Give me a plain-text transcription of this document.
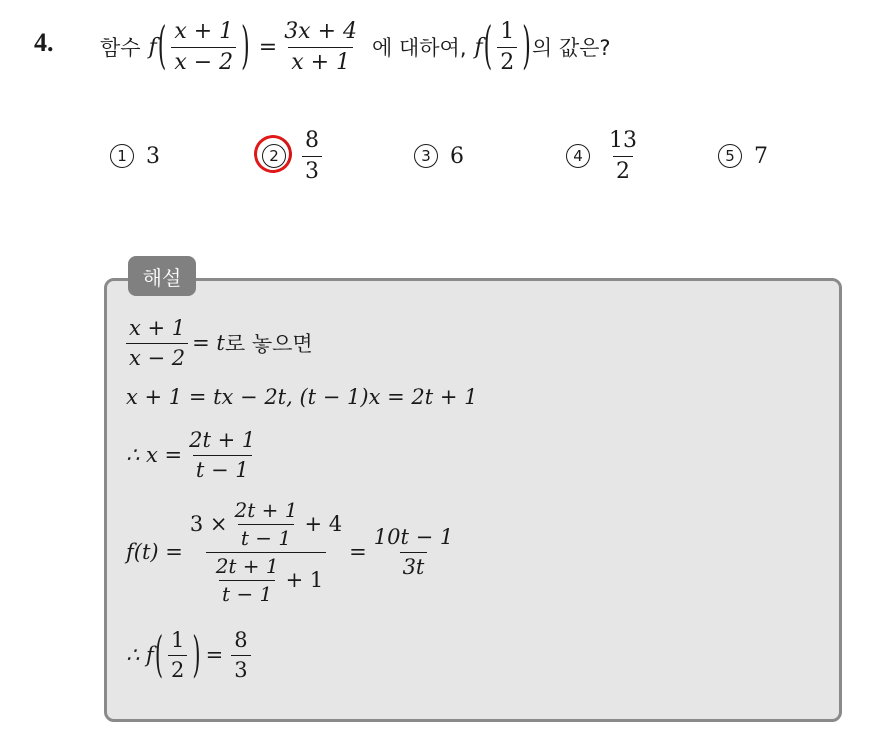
4. 함수 f ( $\frac{x + 1}{x - 2}$ ) = $\frac{3x + 4}{x + 1}$ 에 대하여, f ( $\frac{1}{2}$ ) 의 값은?
1 3	2	$\frac{8}{3}$	3 6	4	$\frac{13}{2}$	5 7
해설
$\frac{x + 1}{x - 2} = t$ 로 놓으면
x + 1 = tx − 2t, (t − 1)x = 2t + 1
∴ $x = \frac{2t + 1}{t - 1}$
$f(t) = \frac{3 \times \frac{2t + 1}{t - 1} + 4}{\frac{2t + 1}{t - 1} + 1} = \frac{10t - 1}{3t}$
∴ f ( $\frac{1}{2}$ ) = $\frac{8}{3}$
